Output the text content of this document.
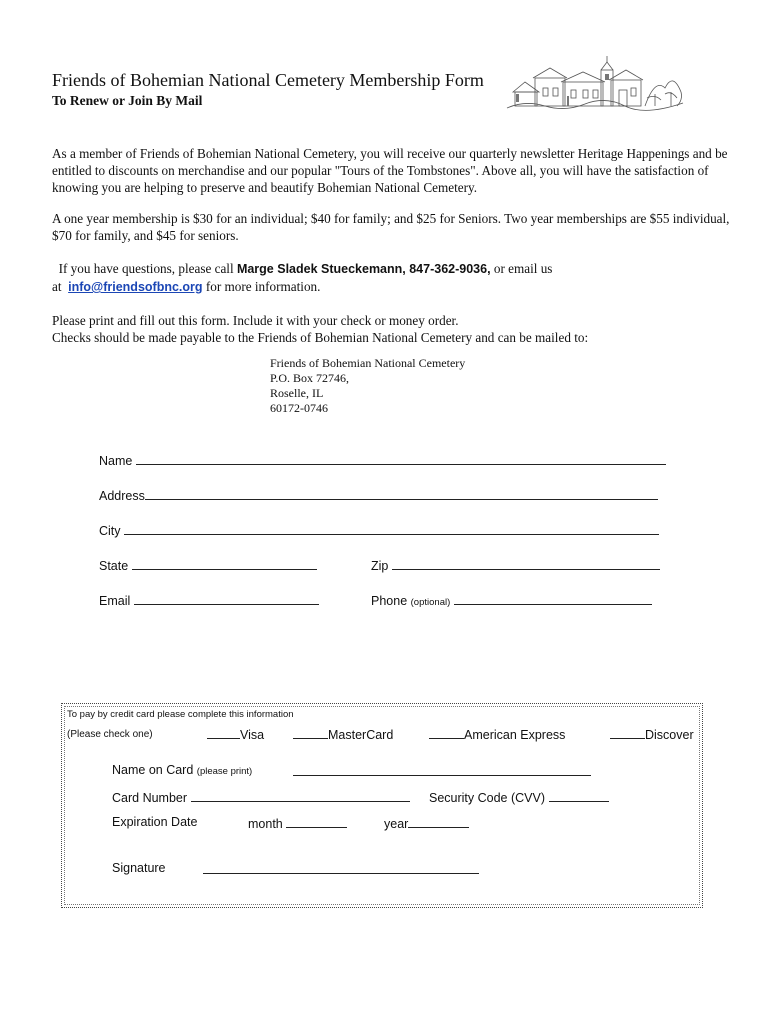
Friends of Bohemian National Cemetery Membership Form
To Renew or Join By Mail
As a member of Friends of Bohemian National Cemetery, you will receive our quarterly newsletter Heritage Happenings and be entitled to discounts on merchandise and our popular "Tours of the Tombstones". Above all, you will have the satisfaction of knowing you are helping to preserve and beautify Bohemian National Cemetery.
A one year membership is $30 for an individual; $40 for family; and $25 for Seniors. Two year memberships are $55 individual, $70 for family, and $45 for seniors.
If you have questions, please call Marge Sladek Stueckemann, 847-362-9036, or email us
at  info@friendsofbnc.org for more information.
Please print and fill out this form. Include it with your check or money order.
Checks should be made payable to the Friends of Bohemian National Cemetery and can be mailed to:
Friends of Bohemian National Cemetery
P.O. Box 72746,
Roselle, IL
60172-0746
Name
Address
City
State	Zip
Email	Phone (optional)
To pay by credit card please complete this information
(Please check one)	Visa	MasterCard	American Express	Discover
Name on Card (please print)
Card Number	Security Code (CVV)
Expiration Date	month	year
Signature
